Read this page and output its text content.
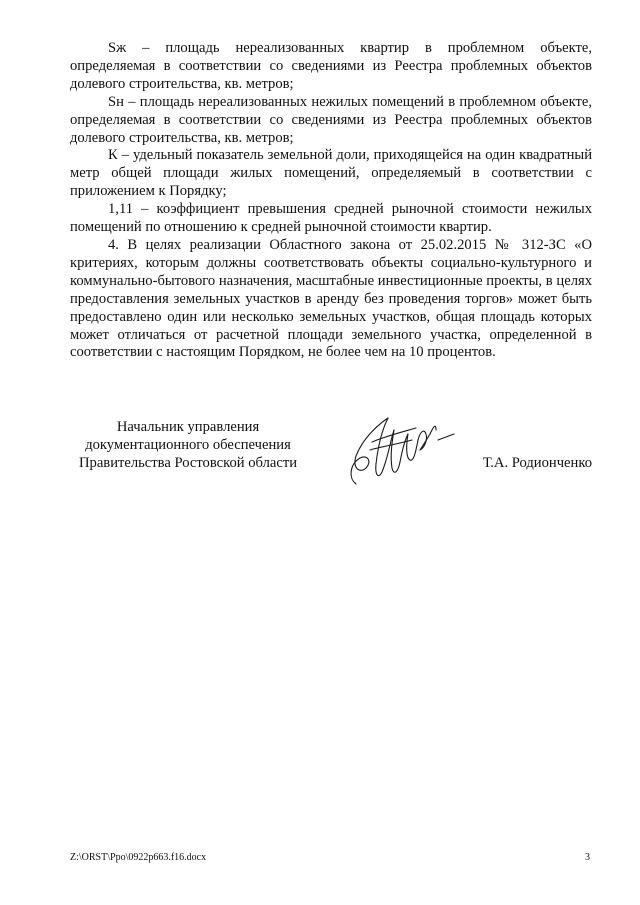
Sж – площадь нереализованных квартир в проблемном объекте, определяемая в соответствии со сведениями из Реестра проблемных объектов долевого строительства, кв. метров;

Sн – площадь нереализованных нежилых помещений в проблемном объекте, определяемая в соответствии со сведениями из Реестра проблемных объектов долевого строительства, кв. метров;

К – удельный показатель земельной доли, приходящейся на один квадратный метр общей площади жилых помещений, определяемый в соответствии с приложением к Порядку;

1,11 – коэффициент превышения средней рыночной стоимости нежилых помещений по отношению к средней рыночной стоимости квартир.

4. В целях реализации Областного закона от 25.02.2015 № 312-ЗС «О критериях, которым должны соответствовать объекты социально-культурного и коммунально-бытового назначения, масштабные инвестиционные проекты, в целях предоставления земельных участков в аренду без проведения торгов» может быть предоставлено один или несколько земельных участков, общая площадь которых может отличаться от расчетной площади земельного участка, определенной в соответствии с настоящим Порядком, не более чем на 10 процентов.

Начальник управления
документационного обеспечения
Правительства Ростовской области	Т.А. Родионченко
Z:\ORST\Ppo\0922p663.f16.docx	3
